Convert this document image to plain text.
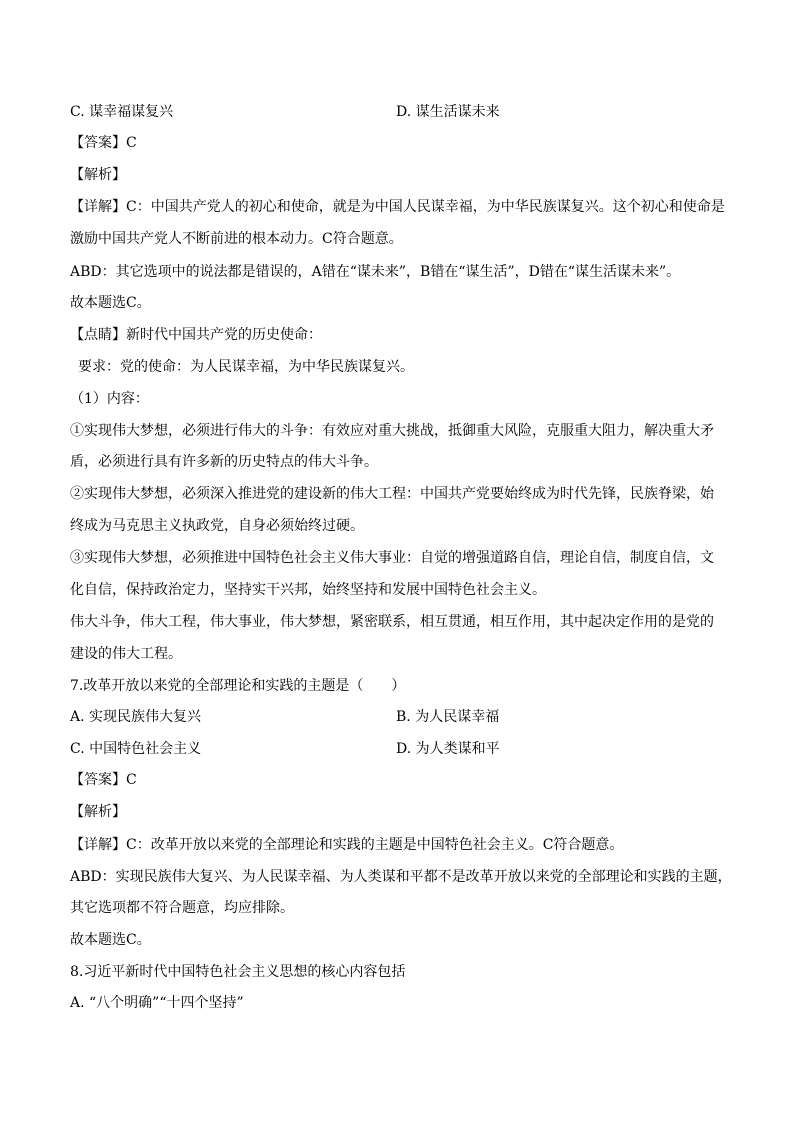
C. 谋幸福谋复兴	D. 谋生活谋未来
【答案】C
【解析】
【详解】C：中国共产党人的初心和使命，就是为中国人民谋幸福，为中华民族谋复兴。这个初心和使命是
激励中国共产党人不断前进的根本动力。C符合题意。
ABD：其它选项中的说法都是错误的，A错在“谋未来”，B错在“谋生活”，D错在“谋生活谋未来”。
故本题选C。
【点睛】新时代中国共产党的历史使命：
要求：党的使命：为人民谋幸福，为中华民族谋复兴。
（1）内容：
①实现伟大梦想，必须进行伟大的斗争：有效应对重大挑战，抵御重大风险，克服重大阻力，解决重大矛
盾，必须进行具有许多新的历史特点的伟大斗争。
②实现伟大梦想，必须深入推进党的建设新的伟大工程：中国共产党要始终成为时代先锋，民族脊梁，始
终成为马克思主义执政党，自身必须始终过硬。
③实现伟大梦想，必须推进中国特色社会主义伟大事业：自觉的增强道路自信，理论自信，制度自信，文
化自信，保持政治定力，坚持实干兴邦，始终坚持和发展中国特色社会主义。
伟大斗争，伟大工程，伟大事业，伟大梦想，紧密联系，相互贯通，相互作用，其中起决定作用的是党的
建设的伟大工程。
7.改革开放以来党的全部理论和实践的主题是（　　）
A. 实现民族伟大复兴	B. 为人民谋幸福
C. 中国特色社会主义	D. 为人类谋和平
【答案】C
【解析】
【详解】C：改革开放以来党的全部理论和实践的主题是中国特色社会主义。C符合题意。
ABD：实现民族伟大复兴、为人民谋幸福、为人类谋和平都不是改革开放以来党的全部理论和实践的主题，
其它选项都不符合题意，均应排除。
故本题选C。
8.习近平新时代中国特色社会主义思想的核心内容包括
A. “八个明确”“十四个坚持”
